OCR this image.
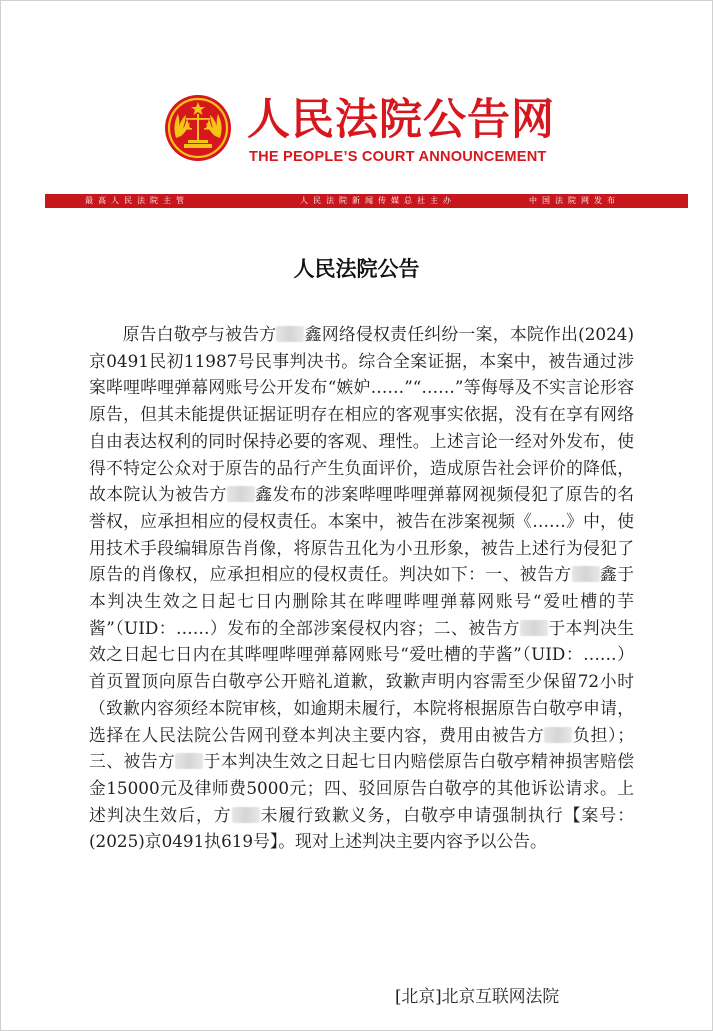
人民法院公告网
THE PEOPLE’S COURT ANNOUNCEMENT
最高人民法院主管	人民法院新闻传媒总社主办	中国法院网发布
人民法院公告

原告白敬亭与被告方 鑫网络侵权责任纠纷一案，本院作出(2024)京0491民初11987号民事判决书。综合全案证据，本案中，被告通过涉案哔哩哔哩弹幕网账号公开发布“嫉妒……”“……”等侮辱及不实言论形容原告，但其未能提供证据证明存在相应的客观事实依据，没有在享有网络自由表达权利的同时保持必要的客观、理性。上述言论一经对外发布，使得不特定公众对于原告的品行产生负面评价，造成原告社会评价的降低，故本院认为被告方 鑫发布的涉案哔哩哔哩弹幕网视频侵犯了原告的名誉权，应承担相应的侵权责任。本案中，被告在涉案视频《……》中，使用技术手段编辑原告肖像，将原告丑化为小丑形象，被告上述行为侵犯了原告的肖像权，应承担相应的侵权责任。判决如下：一、被告方 鑫于本判决生效之日起七日内删除其在哔哩哔哩弹幕网账号“爱吐槽的芋酱”（UID：……）发布的全部涉案侵权内容；二、被告方 于本判决生效之日起七日内在其哔哩哔哩弹幕网账号“爱吐槽的芋酱”（UID：……）首页置顶向原告白敬亭公开赔礼道歉，致歉声明内容需至少保留72小时（致歉内容须经本院审核，如逾期未履行，本院将根据原告白敬亭申请，选择在人民法院公告网刊登本判决主要内容，费用由被告方 负担）；三、被告方 于本判决生效之日起七日内赔偿原告白敬亭精神损害赔偿金15000元及律师费5000元；四、驳回原告白敬亭的其他诉讼请求。上述判决生效后，方 未履行致歉义务，白敬亭申请强制执行【案号：(2025)京0491执619号】。现对上述判决主要内容予以公告。

[北京]北京互联网法院
